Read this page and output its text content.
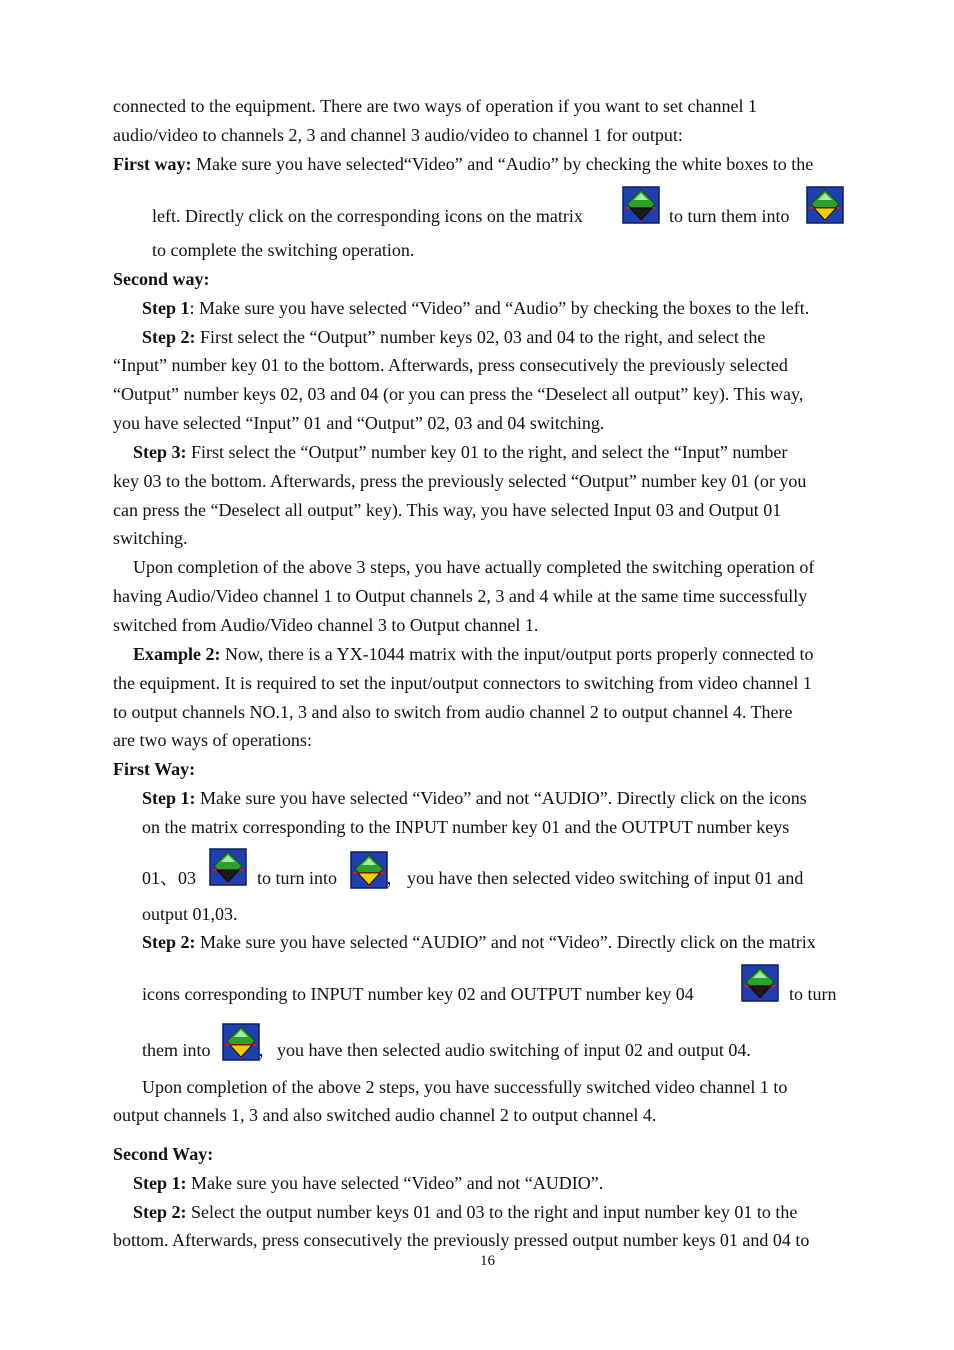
connected to the equipment. There are two ways of operation if you want to set channel 1
audio/video to channels 2, 3 and channel 3 audio/video to channel 1 for output:
First way: Make sure you have selected“Video” and “Audio” by checking the white boxes to the
left. Directly click on the corresponding icons on the matrix	to turn them into
to complete the switching operation.
Second way:
Step 1: Make sure you have selected “Video” and “Audio” by checking the boxes to the left.
Step 2: First select the “Output” number keys 02, 03 and 04 to the right, and select the
“Input” number key 01 to the bottom. Afterwards, press consecutively the previously selected
“Output” number keys 02, 03 and 04 (or you can press the “Deselect all output” key). This way,
you have selected “Input” 01 and “Output” 02, 03 and 04 switching.
Step 3: First select the “Output” number key 01 to the right, and select the “Input” number
key 03 to the bottom. Afterwards, press the previously selected “Output” number key 01 (or you
can press the “Deselect all output” key). This way, you have selected Input 03 and Output 01
switching.
Upon completion of the above 3 steps, you have actually completed the switching operation of
having Audio/Video channel 1 to Output channels 2, 3 and 4 while at the same time successfully
switched from Audio/Video channel 3 to Output channel 1.
Example 2: Now, there is a YX-1044 matrix with the input/output ports properly connected to
the equipment. It is required to set the input/output connectors to switching from video channel 1
to output channels NO.1, 3 and also to switch from audio channel 2 to output channel 4. There
are two ways of operations:
First Way:
Step 1: Make sure you have selected “Video” and not “AUDIO”. Directly click on the icons
on the matrix corresponding to the INPUT number key 01 and the OUTPUT number keys
01、03	to turn into	， you have then selected video switching of input 01 and
output 01,03.
Step 2: Make sure you have selected “AUDIO” and not “Video”. Directly click on the matrix
icons corresponding to INPUT number key 02 and OUTPUT number key 04	to turn
them into	， you have then selected audio switching of input 02 and output 04.
Upon completion of the above 2 steps, you have successfully switched video channel 1 to
output channels 1, 3 and also switched audio channel 2 to output channel 4.
Second Way:
Step 1: Make sure you have selected “Video” and not “AUDIO”.
Step 2: Select the output number keys 01 and 03 to the right and input number key 01 to the
bottom. Afterwards, press consecutively the previously pressed output number keys 01 and 04 to
16
